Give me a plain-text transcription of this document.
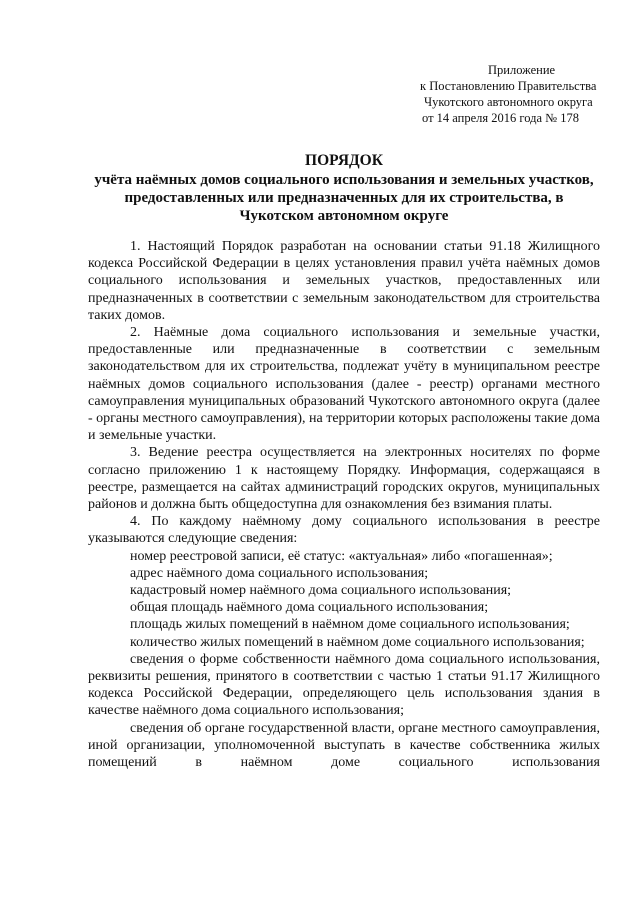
Приложение
к Постановлению Правительства
Чукотского автономного округа
от 14 апреля 2016 года № 178
ПОРЯДОК
учёта наёмных домов социального использования и земельных участков, предоставленных или предназначенных для их строительства, в Чукотском автономном округе

1. Настоящий Порядок разработан на основании статьи 91.18 Жилищного кодекса Российской Федерации в целях установления правил учёта наёмных домов социального использования и земельных участков, предоставленных или предназначенных в соответствии с земельным законодательством для строительства таких домов.

2. Наёмные дома социального использования и земельные участки, предоставленные или предназначенные в соответствии с земельным законодательством для их строительства, подлежат учёту в муниципальном реестре наёмных домов социального использования (далее - реестр) органами местного самоуправления муниципальных образований Чукотского автономного округа (далее - органы местного самоуправления), на территории которых расположены такие дома и земельные участки.

3. Ведение реестра осуществляется на электронных носителях по форме согласно приложению 1 к настоящему Порядку. Информация, содержащаяся в реестре, размещается на сайтах администраций городских округов, муниципальных районов и должна быть общедоступна для ознакомления без взимания платы.

4. По каждому наёмному дому социального использования в реестре указываются следующие сведения:

номер реестровой записи, её статус: «актуальная» либо «погашенная»;

адрес наёмного дома социального использования;

кадастровый номер наёмного дома социального использования;

общая площадь наёмного дома социального использования;

площадь жилых помещений в наёмном доме социального использования;

количество жилых помещений в наёмном доме социального использования;

сведения о форме собственности наёмного дома социального использования, реквизиты решения, принятого в соответствии с частью 1 статьи 91.17 Жилищного кодекса Российской Федерации, определяющего цель использования здания в качестве наёмного дома социального использования;

сведения об органе государственной власти, органе местного самоуправления, иной организации, уполномоченной выступать в качестве собственника жилых помещений в наёмном доме социального использования
